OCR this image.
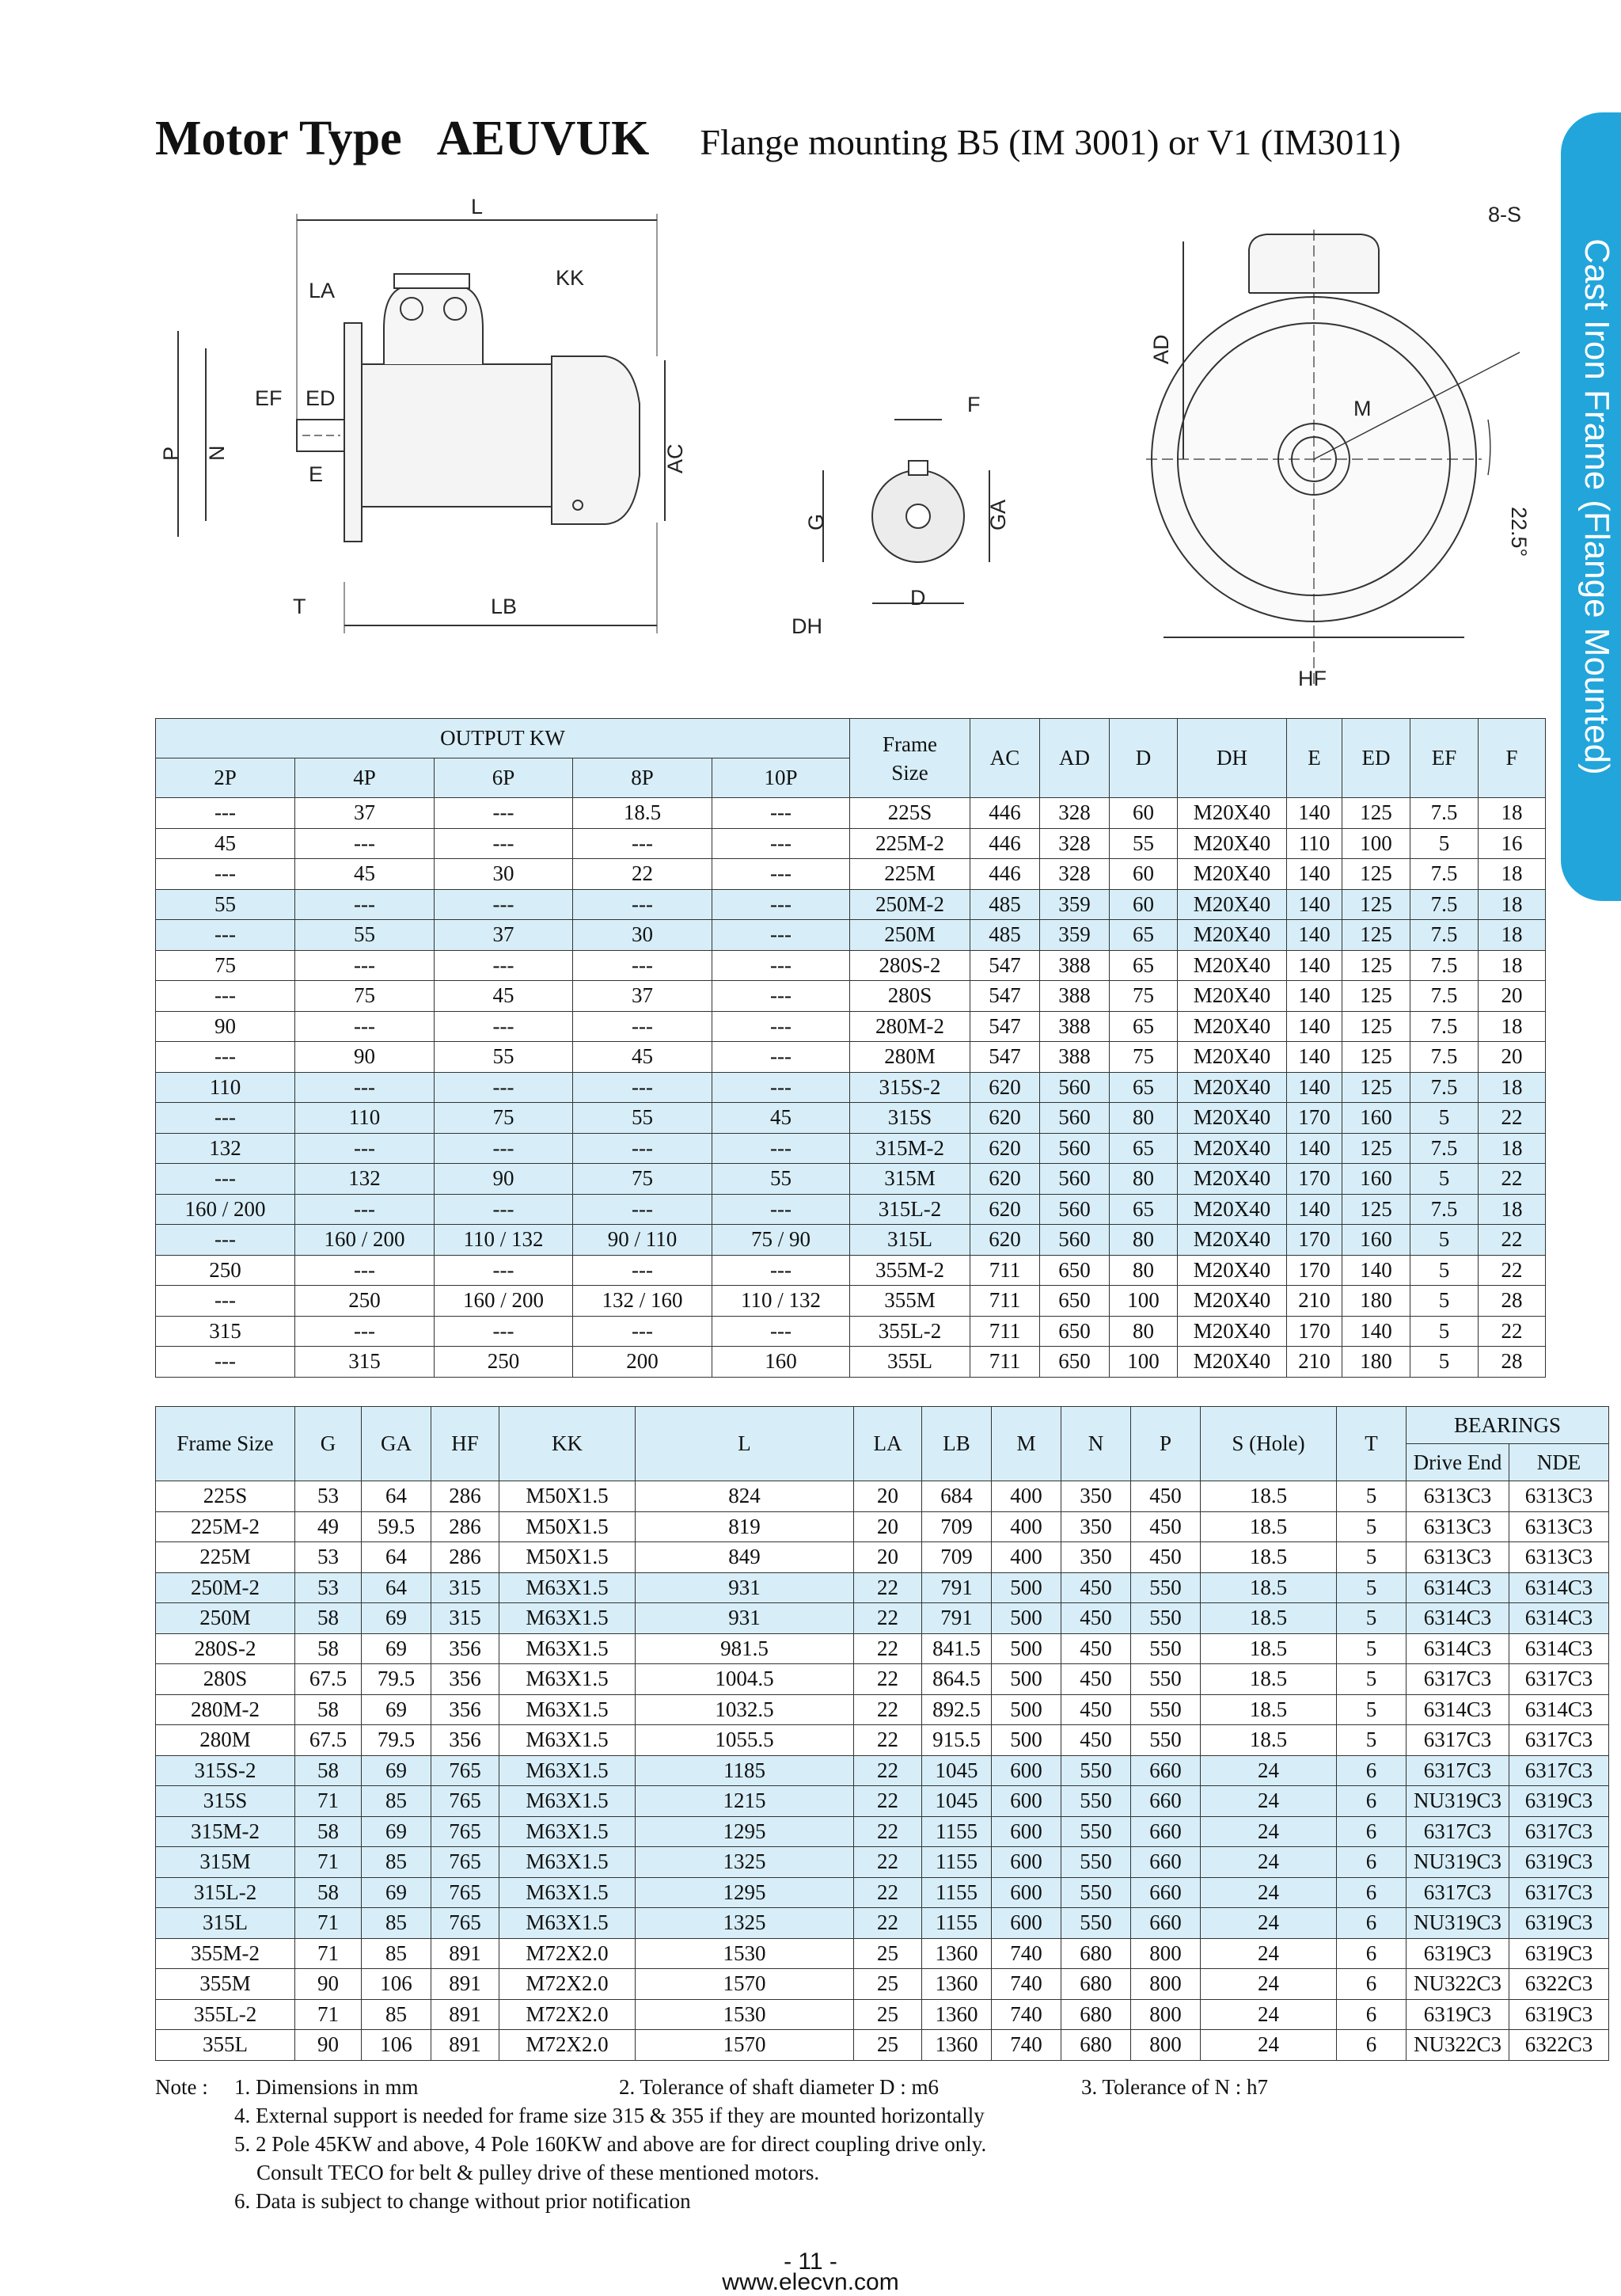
Motor Type AEUVUK Flange mounting B5 (IM 3001) or V1 (IM3011)
Cast Iron Frame (Flange Mounted)
L
LA
KK
EF ED
E
P N	AC
T	LB
F
G	GA
D
DH
8-S
AD
M
22.5°
HF
OUTPUT KW					Frame Size	AC	AD	D	DH	E	ED	EF	F
2P	4P	6P	8P	10P									
---	37	---	18.5	---	225S	446	328	60	M20X40	140	125	7.5	18
45	---	---	---	---	225M-2	446	328	55	M20X40	110	100	5	16
---	45	30	22	---	225M	446	328	60	M20X40	140	125	7.5	18
55	---	---	---	---	250M-2	485	359	60	M20X40	140	125	7.5	18
---	55	37	30	---	250M	485	359	65	M20X40	140	125	7.5	18
75	---	---	---	---	280S-2	547	388	65	M20X40	140	125	7.5	18
---	75	45	37	---	280S	547	388	75	M20X40	140	125	7.5	20
90	---	---	---	---	280M-2	547	388	65	M20X40	140	125	7.5	18
---	90	55	45	---	280M	547	388	75	M20X40	140	125	7.5	20
110	---	---	---	---	315S-2	620	560	65	M20X40	140	125	7.5	18
---	110	75	55	45	315S	620	560	80	M20X40	170	160	5	22
132	---	---	---	---	315M-2	620	560	65	M20X40	140	125	7.5	18
---	132	90	75	55	315M	620	560	80	M20X40	170	160	5	22
160 / 200	---	---	---	---	315L-2	620	560	65	M20X40	140	125	7.5	18
---	160 / 200	110 / 132	90 / 110	75 / 90	315L	620	560	80	M20X40	170	160	5	22
250	---	---	---	---	355M-2	711	650	80	M20X40	170	140	5	22
---	250	160 / 200	132 / 160	110 / 132	355M	711	650	100	M20X40	210	180	5	28
315	---	---	---	---	355L-2	711	650	80	M20X40	170	140	5	22
---	315	250	200	160	355L	711	650	100	M20X40	210	180	5	28
Frame Size	G	GA	HF	KK	L	LA	LB	M	N	P	S (Hole)	T	BEARINGS	
													Drive End	NDE
225S	53	64	286	M50X1.5	824	20	684	400	350	450	18.5	5	6313C3	6313C3
225M-2	49	59.5	286	M50X1.5	819	20	709	400	350	450	18.5	5	6313C3	6313C3
225M	53	64	286	M50X1.5	849	20	709	400	350	450	18.5	5	6313C3	6313C3
250M-2	53	64	315	M63X1.5	931	22	791	500	450	550	18.5	5	6314C3	6314C3
250M	58	69	315	M63X1.5	931	22	791	500	450	550	18.5	5	6314C3	6314C3
280S-2	58	69	356	M63X1.5	981.5	22	841.5	500	450	550	18.5	5	6314C3	6314C3
280S	67.5	79.5	356	M63X1.5	1004.5	22	864.5	500	450	550	18.5	5	6317C3	6317C3
280M-2	58	69	356	M63X1.5	1032.5	22	892.5	500	450	550	18.5	5	6314C3	6314C3
280M	67.5	79.5	356	M63X1.5	1055.5	22	915.5	500	450	550	18.5	5	6317C3	6317C3
315S-2	58	69	765	M63X1.5	1185	22	1045	600	550	660	24	6	6317C3	6317C3
315S	71	85	765	M63X1.5	1215	22	1045	600	550	660	24	6	NU319C3	6319C3
315M-2	58	69	765	M63X1.5	1295	22	1155	600	550	660	24	6	6317C3	6317C3
315M	71	85	765	M63X1.5	1325	22	1155	600	550	660	24	6	NU319C3	6319C3
315L-2	58	69	765	M63X1.5	1295	22	1155	600	550	660	24	6	6317C3	6317C3
315L	71	85	765	M63X1.5	1325	22	1155	600	550	660	24	6	NU319C3	6319C3
355M-2	71	85	891	M72X2.0	1530	25	1360	740	680	800	24	6	6319C3	6319C3
355M	90	106	891	M72X2.0	1570	25	1360	740	680	800	24	6	NU322C3	6322C3
355L-2	71	85	891	M72X2.0	1530	25	1360	740	680	800	24	6	6319C3	6319C3
355L	90	106	891	M72X2.0	1570	25	1360	740	680	800	24	6	NU322C3	6322C3
Note : 1. Dimensions in mm	2. Tolerance of shaft diameter D : m6	3. Tolerance of N : h7
4. External support is needed for frame size 315 & 355 if they are mounted horizontally
5. 2 Pole 45KW and above, 4 Pole 160KW and above are for direct coupling drive only.
Consult TECO for belt & pulley drive of these mentioned motors.
6. Data is subject to change without prior notification
- 11 -
www.elecvn.com
